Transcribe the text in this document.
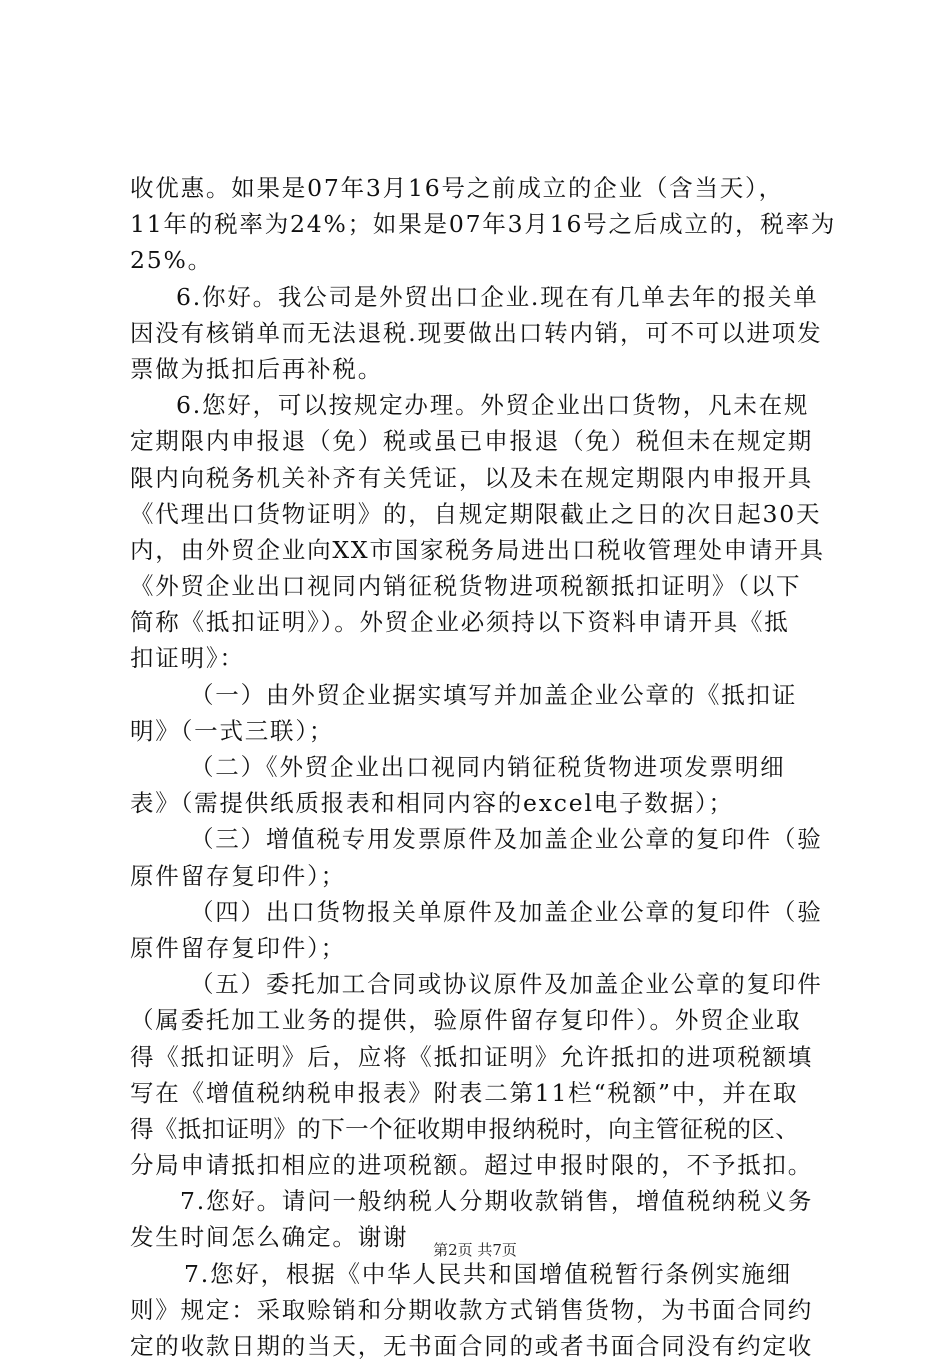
收优惠。如果是07年3月16号之前成立的企业（含当天），
11年的税率为24%；如果是07年3月16号之后成立的，税率为
25%。
6.你好。我公司是外贸出口企业.现在有几单去年的报关单
因没有核销单而无法退税.现要做出口转内销，可不可以进项发
票做为抵扣后再补税。
6.您好，可以按规定办理。外贸企业出口货物，凡未在规
定期限内申报退（免）税或虽已申报退（免）税但未在规定期
限内向税务机关补齐有关凭证，以及未在规定期限内申报开具
《代理出口货物证明》的，自规定期限截止之日的次日起30天
内，由外贸企业向XX市国家税务局进出口税收管理处申请开具
《外贸企业出口视同内销征税货物进项税额抵扣证明》（以下
简称《抵扣证明》）。外贸企业必须持以下资料申请开具《抵
扣证明》：
（一）由外贸企业据实填写并加盖企业公章的《抵扣证
明》（一式三联）；
（二）《外贸企业出口视同内销征税货物进项发票明细
表》（需提供纸质报表和相同内容的excel电子数据）；
（三）增值税专用发票原件及加盖企业公章的复印件（验
原件留存复印件）；
（四）出口货物报关单原件及加盖企业公章的复印件（验
原件留存复印件）；
（五）委托加工合同或协议原件及加盖企业公章的复印件
（属委托加工业务的提供，验原件留存复印件）。外贸企业取
得《抵扣证明》后，应将《抵扣证明》允许抵扣的进项税额填
写在《增值税纳税申报表》附表二第11栏“税额”中，并在取
得《抵扣证明》的下一个征收期申报纳税时，向主管征税的区、
分局申请抵扣相应的进项税额。超过申报时限的，不予抵扣。
7.您好。请问一般纳税人分期收款销售，增值税纳税义务
发生时间怎么确定。谢谢
7.您好，根据《中华人民共和国增值税暂行条例实施细
则》规定：采取赊销和分期收款方式销售货物，为书面合同约
定的收款日期的当天，无书面合同的或者书面合同没有约定收
第2页 共7页
